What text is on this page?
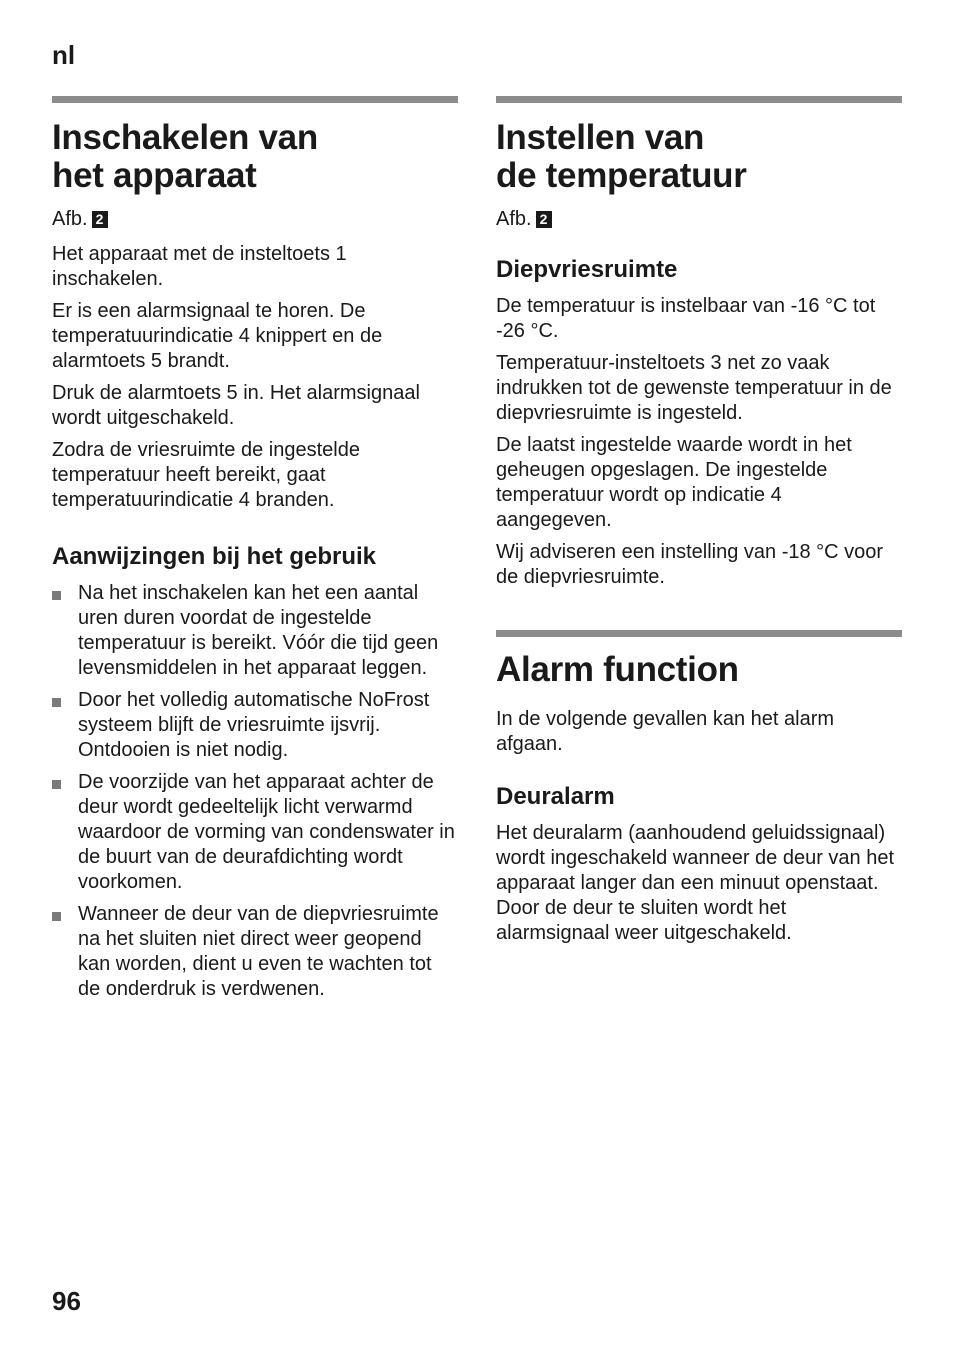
nl
Inschakelen van
het apparaat

Afb. 2

Het apparaat met de insteltoets 1 inschakelen.

Er is een alarmsignaal te horen. De temperatuurindicatie 4 knippert en de alarmtoets 5 brandt.

Druk de alarmtoets 5 in. Het alarmsignaal wordt uitgeschakeld.

Zodra de vriesruimte de ingestelde temperatuur heeft bereikt, gaat temperatuurindicatie 4 branden.

Aanwijzingen bij het gebruik
Na het inschakelen kan het een aantal uren duren voordat de ingestelde temperatuur is bereikt. Vóór die tijd geen levensmiddelen in het apparaat leggen.
Door het volledig automatische NoFrost systeem blijft de vriesruimte ijsvrij. Ontdooien is niet nodig.
De voorzijde van het apparaat achter de deur wordt gedeeltelijk licht verwarmd waardoor de vorming van condenswater in de buurt van de deurafdichting wordt voorkomen.
Wanneer de deur van de diepvriesruimte na het sluiten niet direct weer geopend kan worden, dient u even te wachten tot de onderdruk is verdwenen.
Instellen van
de temperatuur

Afb. 2

Diepvriesruimte

De temperatuur is instelbaar van -16 °C tot -26 °C.

Temperatuur-insteltoets 3 net zo vaak indrukken tot de gewenste temperatuur in de diepvriesruimte is ingesteld.

De laatst ingestelde waarde wordt in het geheugen opgeslagen. De ingestelde temperatuur wordt op indicatie 4 aangegeven.

Wij adviseren een instelling van -18 °C voor de diepvriesruimte.

Alarm function

In de volgende gevallen kan het alarm afgaan.

Deuralarm

Het deuralarm (aanhoudend geluidssignaal) wordt ingeschakeld wanneer de deur van het apparaat langer dan een minuut openstaat. Door de deur te sluiten wordt het alarmsignaal weer uitgeschakeld.

96
